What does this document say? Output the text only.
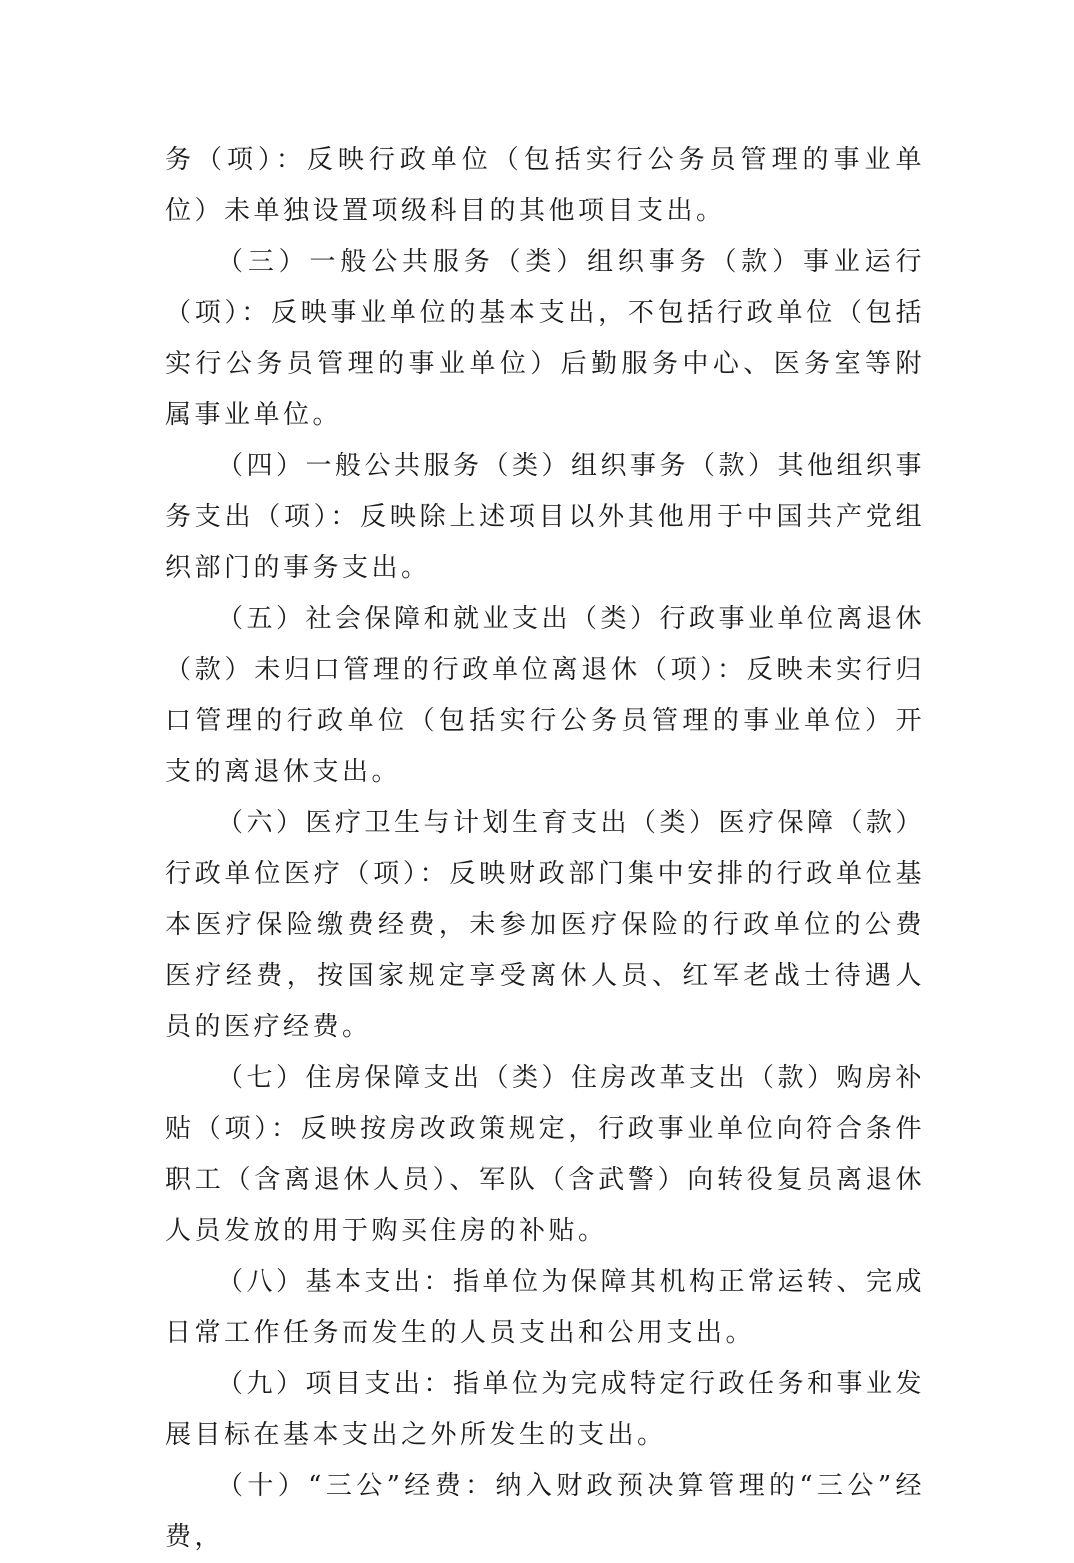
务（项）：反映行政单位（包括实行公务员管理的事业单位）未单独设置项级科目的其他项目支出。

（三）一般公共服务（类）组织事务（款）事业运行（项）：反映事业单位的基本支出，不包括行政单位（包括实行公务员管理的事业单位）后勤服务中心、医务室等附属事业单位。

（四）一般公共服务（类）组织事务（款）其他组织事务支出（项）：反映除上述项目以外其他用于中国共产党组织部门的事务支出。

（五）社会保障和就业支出（类）行政事业单位离退休（款）未归口管理的行政单位离退休（项）：反映未实行归口管理的行政单位（包括实行公务员管理的事业单位）开支的离退休支出。

（六）医疗卫生与计划生育支出（类）医疗保障（款）行政单位医疗（项）：反映财政部门集中安排的行政单位基本医疗保险缴费经费，未参加医疗保险的行政单位的公费医疗经费，按国家规定享受离休人员、红军老战士待遇人员的医疗经费。

（七）住房保障支出（类）住房改革支出（款）购房补贴（项）：反映按房改政策规定，行政事业单位向符合条件职工（含离退休人员）、军队（含武警）向转役复员离退休人员发放的用于购买住房的补贴。

（八）基本支出：指单位为保障其机构正常运转、完成日常工作任务而发生的人员支出和公用支出。

（九）项目支出：指单位为完成特定行政任务和事业发展目标在基本支出之外所发生的支出。

（十）“三公”经费：纳入财政预决算管理的“三公”经费，
